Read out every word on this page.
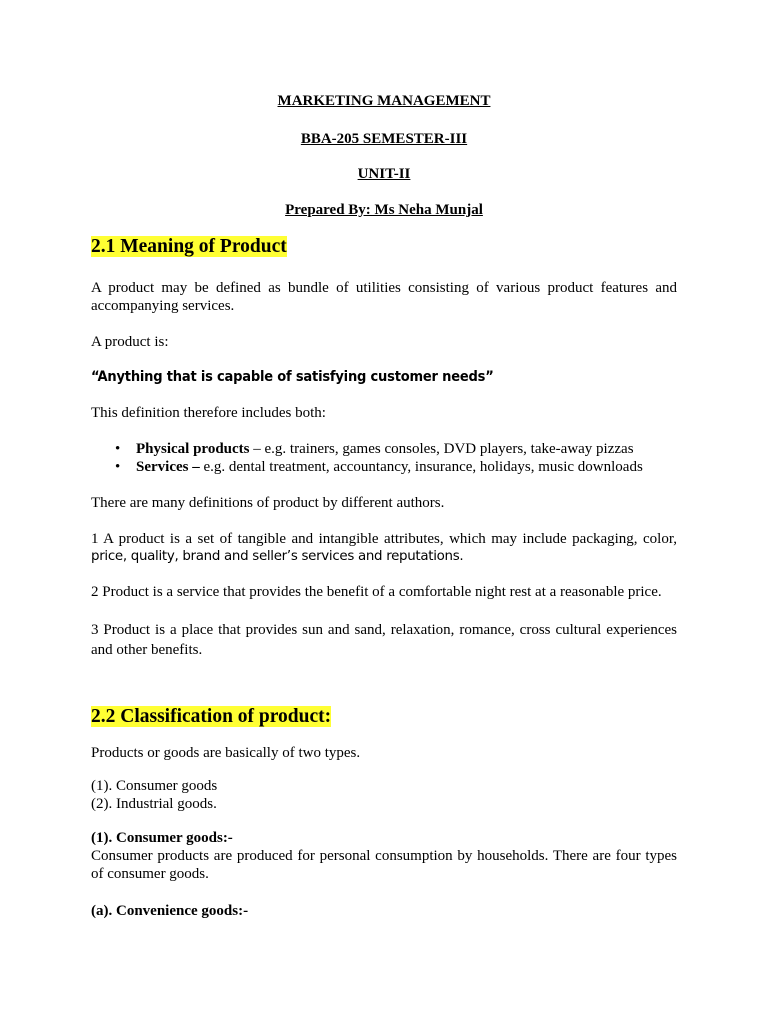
MARKETING MANAGEMENT
BBA-205 SEMESTER-III
UNIT-II
Prepared By: Ms Neha Munjal
2.1 Meaning of Product
A product may be defined as bundle of utilities consisting of various product features and accompanying services.
A product is:
“Anything that is capable of satisfying customer needs”
This definition therefore includes both:
• Physical products – e.g. trainers, games consoles, DVD players, take-away pizzas
• Services – e.g. dental treatment, accountancy, insurance, holidays, music downloads
There are many definitions of product by different authors.
1 A product is a set of tangible and intangible attributes, which may include packaging, color,
price, quality, brand and seller’s services and reputations.
2 Product is a service that provides the benefit of a comfortable night rest at a reasonable price.
3 Product is a place that provides sun and sand, relaxation, romance, cross cultural experiences and other benefits.
2.2 Classification of product:
Products or goods are basically of two types.
(1). Consumer goods
(2). Industrial goods.
(1). Consumer goods:-
Consumer products are produced for personal consumption by households. There are four types of consumer goods.
(a). Convenience goods:-
